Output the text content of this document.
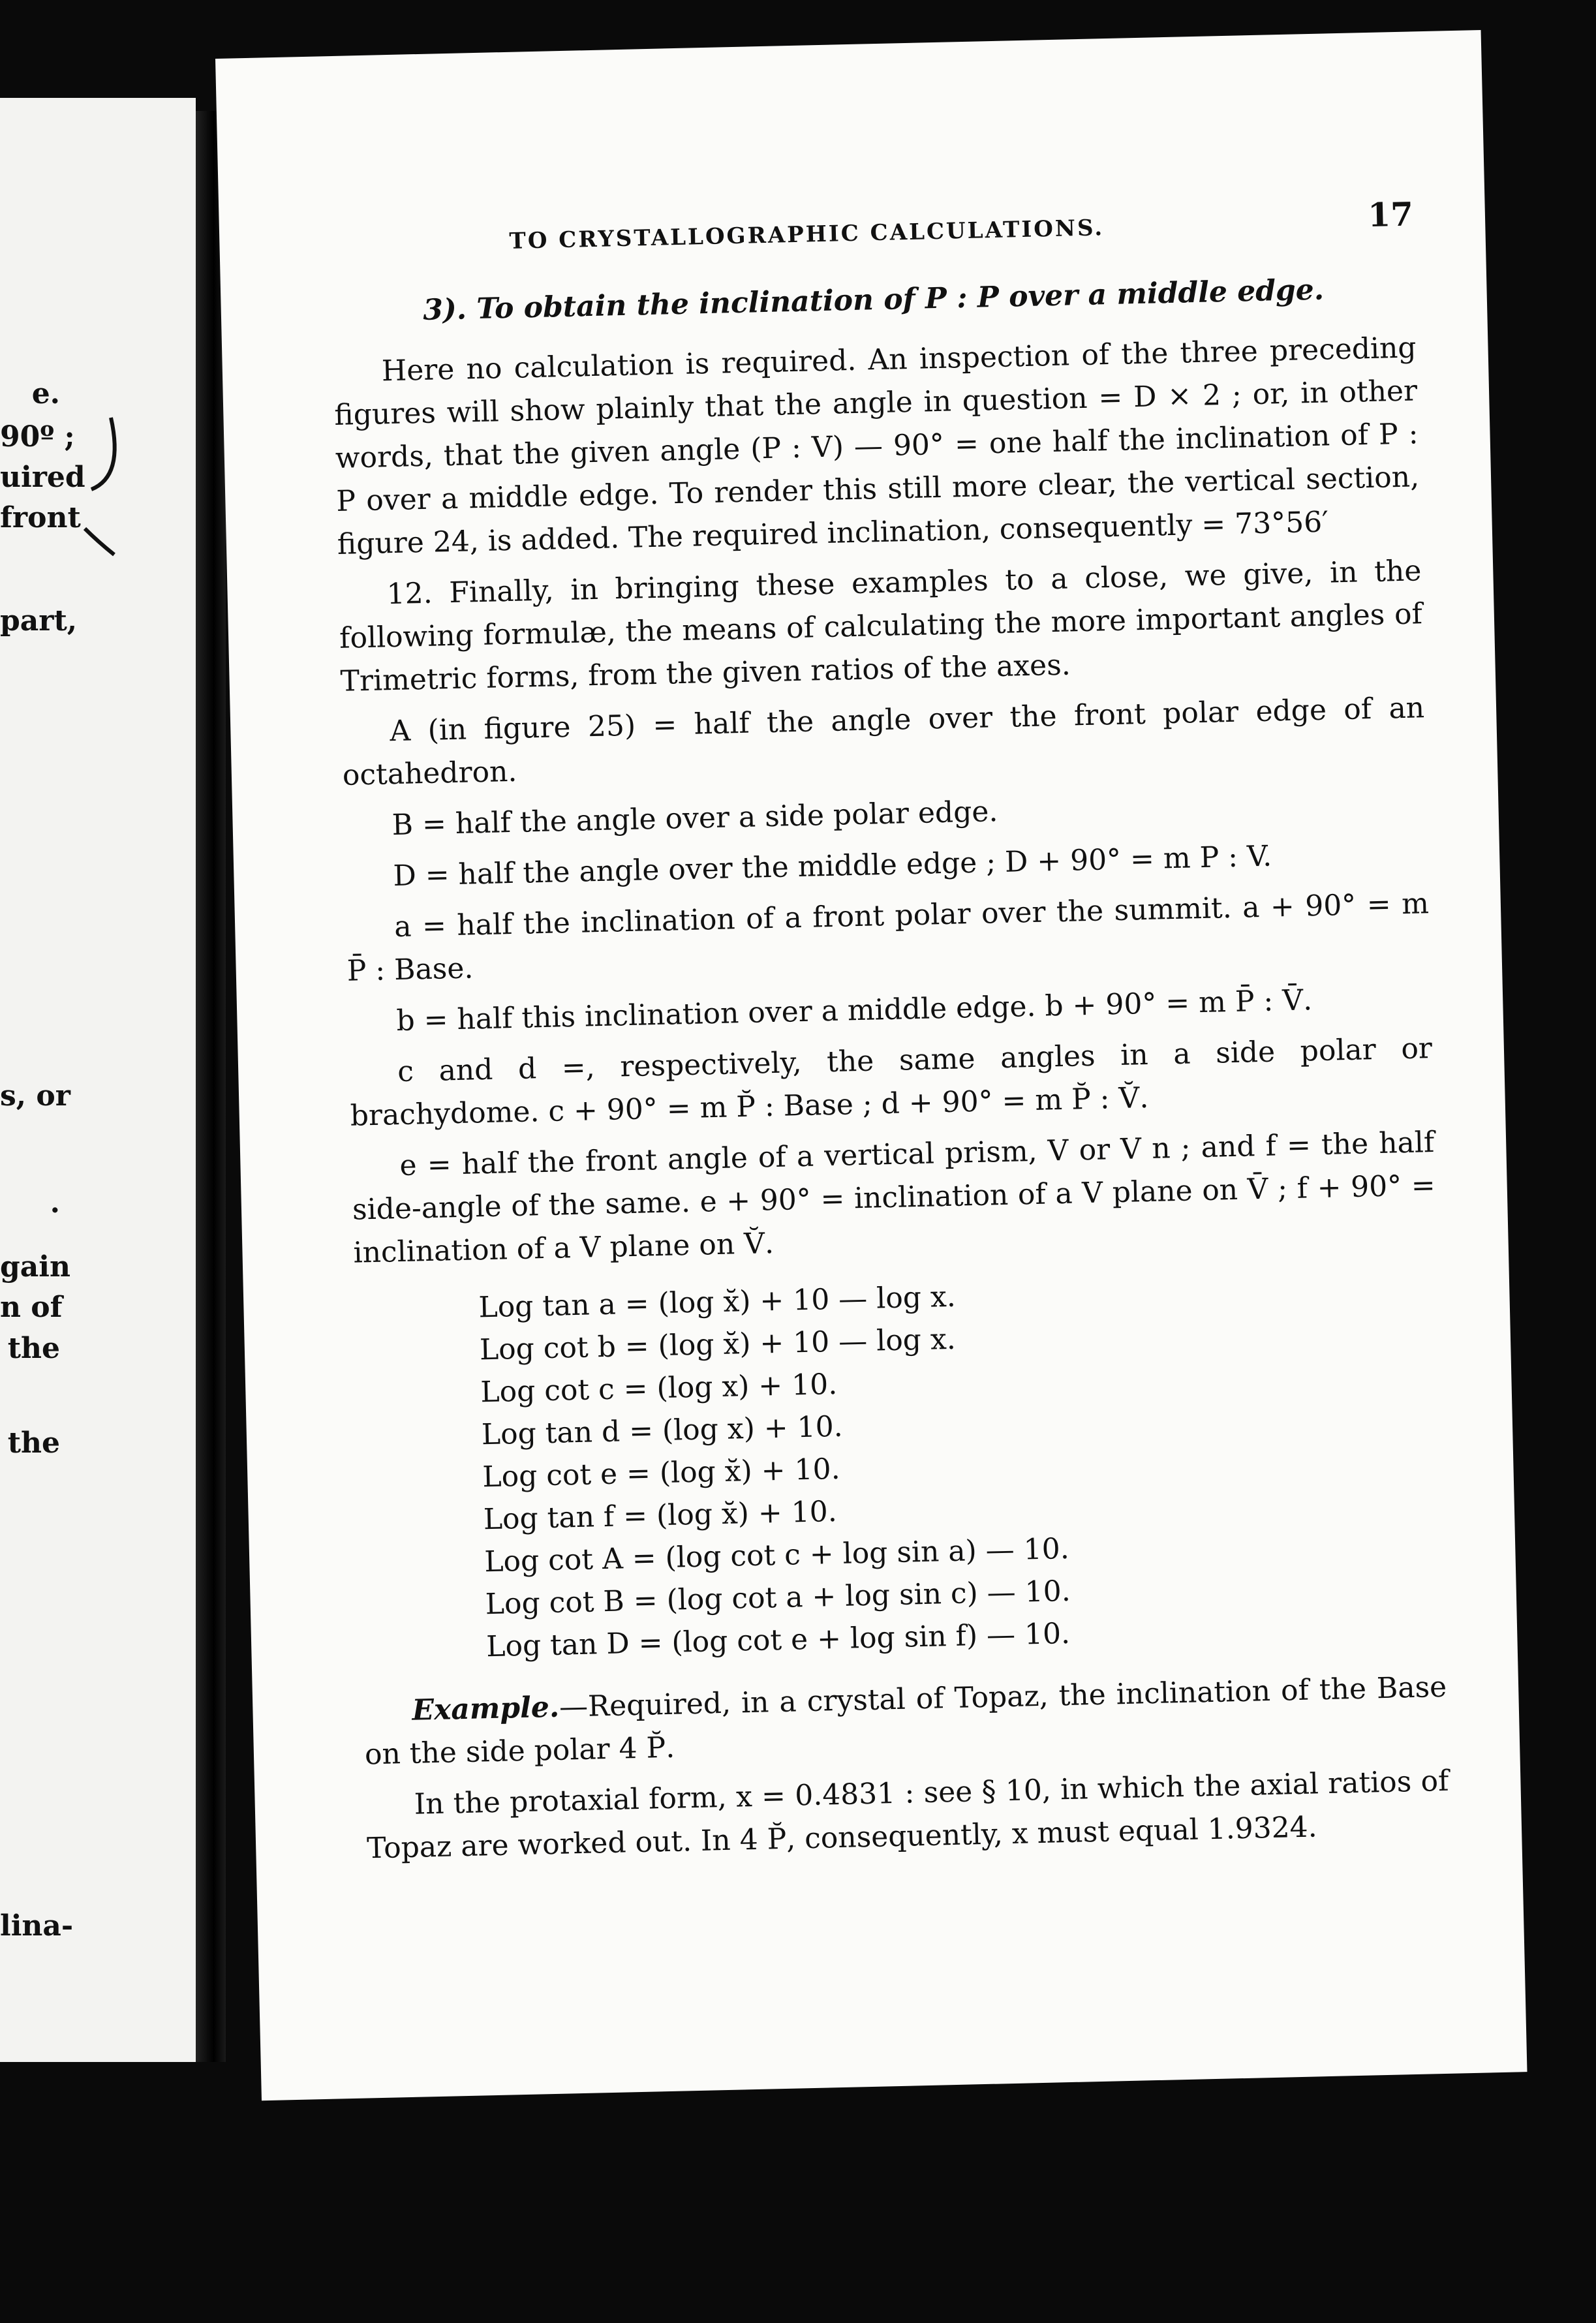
e.
90º ;
uired
front
part,
s, or
.
gain
n of
the
the
lina-
TO CRYSTALLOGRAPHIC CALCULATIONS.
17

3). To obtain the inclination of P : P over a middle edge.

Here no calculation is required. An inspection of the three preceding figures will show plainly that the angle in question = D × 2 ; or, in other words, that the given angle (P : V) — 90° = one half the inclination of P : P over a middle edge. To render this still more clear, the vertical section, figure 24, is added. The required inclination, consequently = 73°56′

12. Finally, in bringing these examples to a close, we give, in the following formulæ, the means of calculating the more important angles of Trimetric forms, from the given ratios of the axes.

A (in figure 25) = half the angle over the front polar edge of an octahedron.

B = half the angle over a side polar edge.

D = half the angle over the middle edge ; D + 90° = m P : V.

a = half the inclination of a front polar over the summit. a + 90° = m P̄ : Base.

b = half this inclination over a middle edge. b + 90° = m P̄ : V̄.

c and d =, respectively, the same angles in a side polar or brachydome. c + 90° = m P̆ : Base ; d + 90° = m P̆ : V̆.

e = half the front angle of a vertical prism, V or V n ; and f = the half side-angle of the same. e + 90° = inclination of a V plane on V̄ ; f + 90° = inclination of a V plane on V̆.

Log tan a = (log x̆) + 10 — log x.
Log cot b = (log x̆) + 10 — log x.
Log cot c = (log x) + 10.
Log tan d = (log x) + 10.
Log cot e = (log x̆) + 10.
Log tan f = (log x̆) + 10.
Log cot A = (log cot c + log sin a) — 10.
Log cot B = (log cot a + log sin c) — 10.
Log tan D = (log cot e + log sin f) — 10.

Example.—Required, in a crystal of Topaz, the inclination of the Base on the side polar 4 P̆.

In the protaxial form, x = 0.4831 : see § 10, in which the axial ratios of Topaz are worked out. In 4 P̆, consequently, x must equal 1.9324.
